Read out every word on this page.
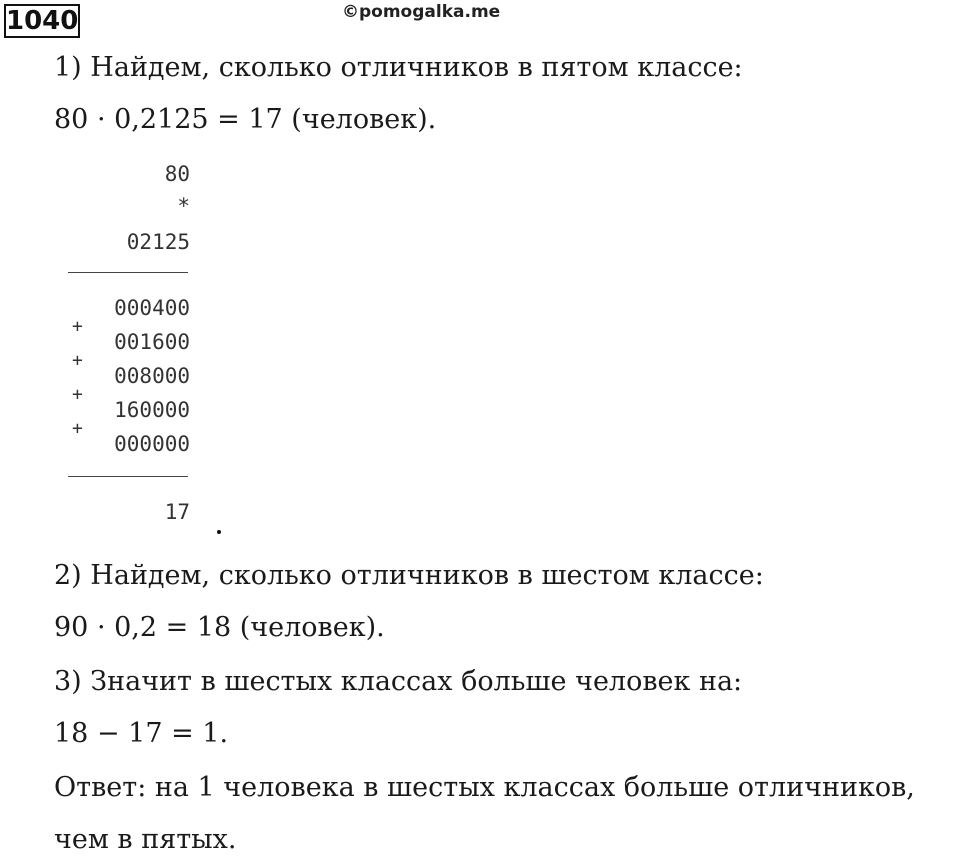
1040	©pomogalka.me
1) Найдем, сколько отличников в пятом классе:
80 · 0,2125 = 17 (человек).
80
*
02125
000400
+
001600
+
008000
+
160000
+
000000
17
2) Найдем, сколько отличников в шестом классе:
90 · 0,2 = 18 (человек).
3) Значит в шестых классах больше человек на:
18 − 17 = 1.
Ответ: на 1 человека в шестых классах больше отличников,
чем в пятых.
